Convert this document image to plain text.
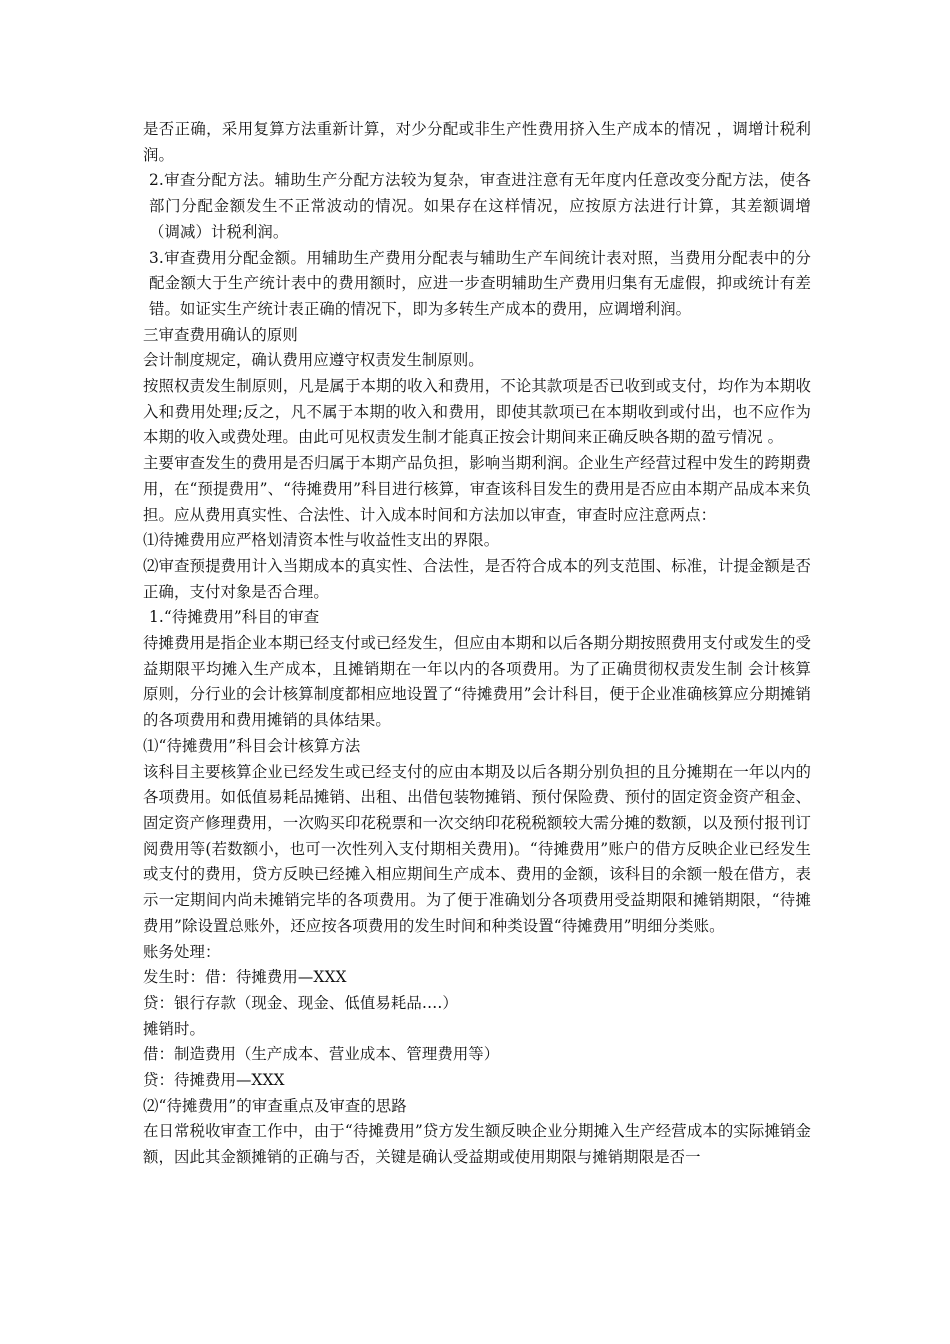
是否正确，采用复算方法重新计算，对少分配或非生产性费用挤入生产成本的情况 ，调增计税利润。

2.审查分配方法。辅助生产分配方法较为复杂，审查进注意有无年度内任意改变分配方法，使各部门分配金额发生不正常波动的情况。如果存在这样情况，应按原方法进行计算，其差额调增（调减）计税利润。

3.审查费用分配金额。用辅助生产费用分配表与辅助生产车间统计表对照，当费用分配表中的分配金额大于生产统计表中的费用额时，应进一步查明辅助生产费用归集有无虚假，抑或统计有差错。如证实生产统计表正确的情况下，即为多转生产成本的费用，应调增利润。

三审查费用确认的原则

会计制度规定，确认费用应遵守权责发生制原则。

按照权责发生制原则，凡是属于本期的收入和费用，不论其款项是否已收到或支付，均作为本期收入和费用处理;反之，凡不属于本期的收入和费用，即使其款项已在本期收到或付出，也不应作为本期的收入或费处理。由此可见权责发生制才能真正按会计期间来正确反映各期的盈亏情况 。

主要审查发生的费用是否归属于本期产品负担，影响当期利润。企业生产经营过程中发生的跨期费用，在“预提费用”、“待摊费用”科目进行核算，审查该科目发生的费用是否应由本期产品成本来负担。应从费用真实性、合法性、计入成本时间和方法加以审查，审查时应注意两点：

⑴待摊费用应严格划清资本性与收益性支出的界限。

⑵审查预提费用计入当期成本的真实性、合法性，是否符合成本的列支范围、标准，计提金额是否正确，支付对象是否合理。

1.“待摊费用”科目的审查

待摊费用是指企业本期已经支付或已经发生，但应由本期和以后各期分期按照费用支付或发生的受益期限平均摊入生产成本，且摊销期在一年以内的各项费用。为了正确贯彻权责发生制 会计核算原则，分行业的会计核算制度都相应地设置了“待摊费用”会计科目，便于企业准确核算应分期摊销的各项费用和费用摊销的具体结果。

⑴“待摊费用”科目会计核算方法

该科目主要核算企业已经发生或已经支付的应由本期及以后各期分别负担的且分摊期在一年以内的各项费用。如低值易耗品摊销、出租、出借包装物摊销、预付保险费、预付的固定资金资产租金、固定资产修理费用，一次购买印花税票和一次交纳印花税税额较大需分摊的数额，以及预付报刊订阅费用等(若数额小，也可一次性列入支付期相关费用)。“待摊费用”账户的借方反映企业已经发生或支付的费用，贷方反映已经摊入相应期间生产成本、费用的金额，该科目的余额一般在借方，表示一定期间内尚未摊销完毕的各项费用。为了便于准确划分各项费用受益期限和摊销期限，“待摊费用”除设置总账外，还应按各项费用的发生时间和种类设置“待摊费用”明细分类账。

账务处理：

发生时：借：待摊费用—XXX

贷：银行存款（现金、现金、低值易耗品….）

摊销时。

借：制造费用（生产成本、营业成本、管理费用等）

贷：待摊费用—XXX

⑵“待摊费用”的审查重点及审查的思路

在日常税收审查工作中，由于“待摊费用”贷方发生额反映企业分期摊入生产经营成本的实际摊销金额，因此其金额摊销的正确与否，关键是确认受益期或使用期限与摊销期限是否一
